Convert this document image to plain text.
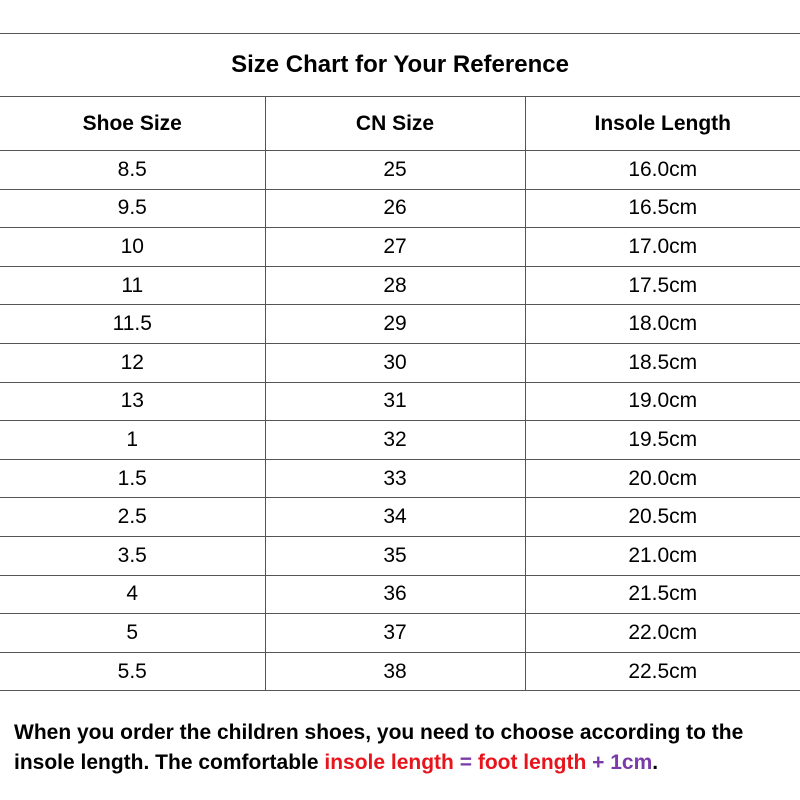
Size Chart for Your Reference		
Shoe Size	CN Size	Insole Length
8.5	25	16.0cm
9.5	26	16.5cm
10	27	17.0cm
11	28	17.5cm
11.5	29	18.0cm
12	30	18.5cm
13	31	19.0cm
1	32	19.5cm
1.5	33	20.0cm
2.5	34	20.5cm
3.5	35	21.0cm
4	36	21.5cm
5	37	22.0cm
5.5	38	22.5cm
When you order the children shoes, you need to choose according to the
insole length. The comfortable insole length = foot length + 1cm.
